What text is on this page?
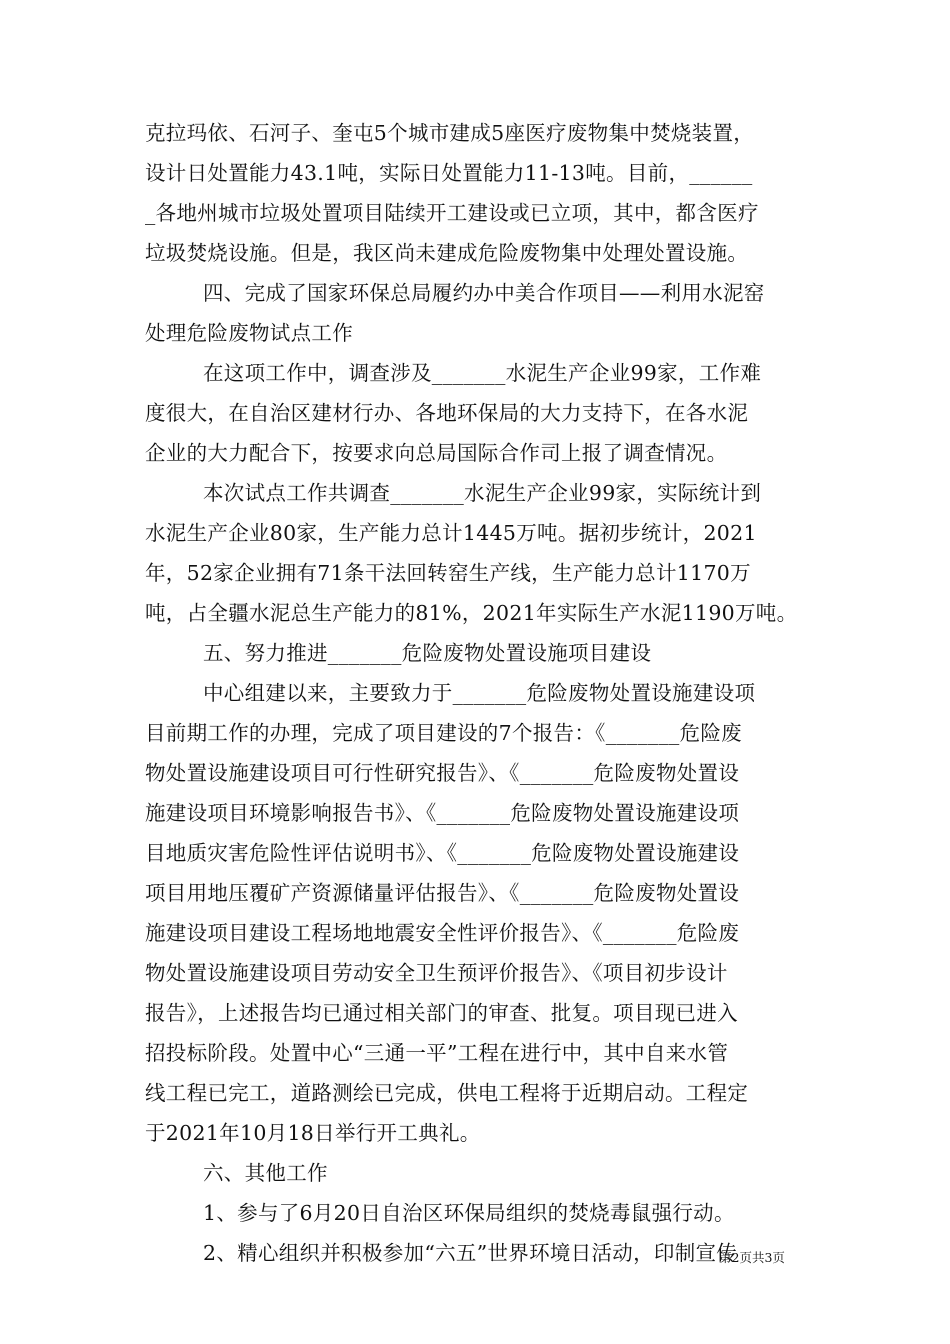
克拉玛依、石河子、奎屯5个城市建成5座医疗废物集中焚烧装置，
设计日处置能力43.1吨，实际日处置能力11-13吨。目前，______
_各地州城市垃圾处置项目陆续开工建设或已立项，其中，都含医疗
垃圾焚烧设施。但是，我区尚未建成危险废物集中处理处置设施。
四、完成了国家环保总局履约办中美合作项目——利用水泥窑
处理危险废物试点工作
在这项工作中，调查涉及_______水泥生产企业99家，工作难
度很大，在自治区建材行办、各地环保局的大力支持下，在各水泥
企业的大力配合下，按要求向总局国际合作司上报了调查情况。
本次试点工作共调查_______水泥生产企业99家，实际统计到
水泥生产企业80家，生产能力总计1445万吨。据初步统计，2021
年，52家企业拥有71条干法回转窑生产线，生产能力总计1170万
吨，占全疆水泥总生产能力的81%，2021年实际生产水泥1190万吨。
五、努力推进_______危险废物处置设施项目建设
中心组建以来，主要致力于_______危险废物处置设施建设项
目前期工作的办理，完成了项目建设的7个报告：《_______危险废
物处置设施建设项目可行性研究报告》、《_______危险废物处置设
施建设项目环境影响报告书》、《_______危险废物处置设施建设项
目地质灾害危险性评估说明书》、《_______危险废物处置设施建设
项目用地压覆矿产资源储量评估报告》、《_______危险废物处置设
施建设项目建设工程场地地震安全性评价报告》、《_______危险废
物处置设施建设项目劳动安全卫生预评价报告》、《项目初步设计
报告》，上述报告均已通过相关部门的审查、批复。项目现已进入
招投标阶段。处置中心“三通一平”工程在进行中，其中自来水管
线工程已完工，道路测绘已完成，供电工程将于近期启动。工程定
于2021年10月18日举行开工典礼。
六、其他工作
1、参与了6月20日自治区环保局组织的焚烧毒鼠强行动。
2、精心组织并积极参加“六五”世界环境日活动，印制宣传
第2页共3页
